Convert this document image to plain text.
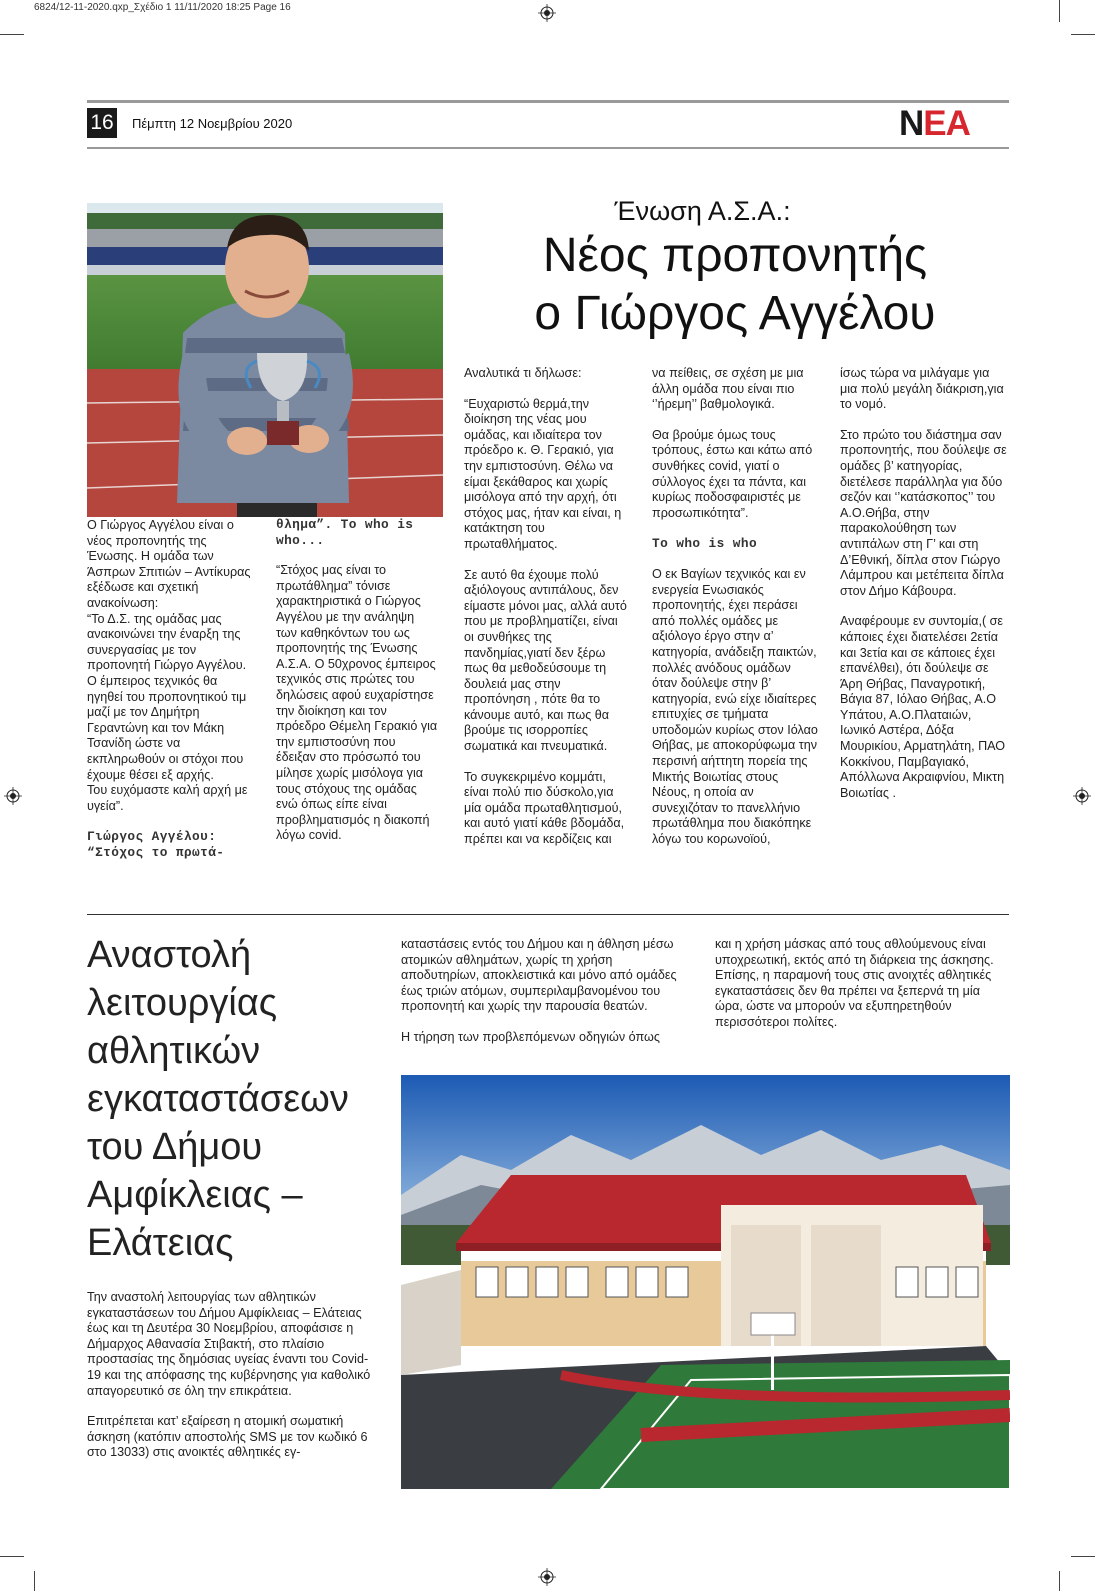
6824/12-11-2020.qxp_Σχέδιο 1 11/11/2020 18:25 Page 16
16 Πέμπτη 12 Νοεμβρίου 2020	NEA
Ένωση Α.Σ.Α.:
Νέος προπονητής
ο Γιώργος Αγγέλου

Ο Γιώργος Αγγέλου είναι ο νέος προπονητής της Ένωσης. Η ομάδα των Άσπρων Σπιτιών – Αντίκυρας εξέδωσε και σχετική ανακοίνωση:

“Το Δ.Σ. της ομάδας μας ανακοινώνει την έναρξη της συνεργασίας με τον προπονητή Γιώργο Αγγέλου. Ο έμπειρος τεχνικός θα ηγηθεί του προπονητικού τιμ μαζί με τον Δημήτρη Γεραντώνη και τον Μάκη Τσανίδη ώστε να εκπληρωθούν οι στόχοι που έχουμε θέσει εξ αρχής.

Του ευχόμαστε καλή αρχή με υγεία”.

Γιώργος Αγγέλου: “Στόχος το πρωτά-

θλημα”. To who is who...

“Στόχος μας είναι το πρωτάθλημα” τόνισε χαρακτηριστικά ο Γιώργος Αγγέλου με την ανάληψη των καθηκόντων του ως προπονητής της Ένωσης Α.Σ.Α. Ο 50χρονος έμπειρος τεχνικός στις πρώτες του δηλώσεις αφού ευχαρίστησε την διοίκηση και τον πρόεδρο Θέμελη Γερακιό για την εμπιστοσύνη που έδειξαν στο πρόσωπό του μίλησε χωρίς μισόλογα για τους στόχους της ομάδας ενώ όπως είπε είναι προβληματισμός η διακοπή λόγω covid.

Αναλυτικά τι δήλωσε:

“Ευχαριστώ θερμά,την διοίκηση της νέας μου ομάδας, και ιδιαίτερα τον πρόεδρο κ. Θ. Γερακιό, για την εμπιστοσύνη. Θέλω να είμαι ξεκάθαρος και χωρίς μισόλογα από την αρχή, ότι στόχος μας, ήταν και είναι, η κατάκτηση του πρωταθλήματος.

Σε αυτό θα έχουμε πολύ αξιόλογους αντιπάλους, δεν είμαστε μόνοι μας, αλλά αυτό που με προβληματίζει, είναι οι συνθήκες της πανδημίας,γιατί δεν ξέρω πως θα μεθοδεύσουμε τη δουλειά μας στην προπόνηση , πότε θα το κάνουμε αυτό, και πως θα βρούμε τις ισορροπίες σωματικά και πνευματικά.

Το συγκεκριμένο κομμάτι, είναι πολύ πιο δύσκολο,για μία ομάδα πρωταθλητισμού, και αυτό γιατί κάθε βδομάδα, πρέπει και να κερδίζεις και

να πείθεις, σε σχέση με μια άλλη ομάδα που είναι πιο ‘’ήρεμη’’ βαθμολογικά.

Θα βρούμε όμως τους τρόπους, έστω και κάτω από συνθήκες covid, γιατί ο σύλλογος έχει τα πάντα, και κυρίως ποδοσφαιριστές με προσωπικότητα”.

To who is who

Ο εκ Βαγίων τεχνικός και εν ενεργεία Ενωσιακός προπονητής, έχει περάσει από πολλές ομάδες με αξιόλογο έργο στην α’ κατηγορία, ανάδειξη παικτών, πολλές ανόδους ομάδων όταν δούλεψε στην β’ κατηγορία, ενώ είχε ιδιαίτερες επιτυχίες σε τμήματα υποδομών κυρίως στον Ιόλαο Θήβας, με αποκορύφωμα την περσινή αήττητη πορεία της Μικτής Βοιωτίας στους Νέους, η οποία αν συνεχιζόταν το πανελλήνιο πρωτάθλημα που διακόπηκε λόγω του κορωνοϊού,

ίσως τώρα να μιλάγαμε για μια πολύ μεγάλη διάκριση,για το νομό.

Στο πρώτο του διάστημα σαν προπονητής, που δούλεψε σε ομάδες β’ κατηγορίας, διετέλεσε παράλληλα για δύο σεζόν και ‘’κατάσκοπος’’ του Α.Ο.Θήβα, στην παρακολούθηση των αντιπάλων στη Γ’ και στη Δ’Εθνική, δίπλα στον Γιώργο Λάμπρου και μετέπειτα δίπλα στον Δήμο Κάβουρα.

Αναφέρουμε εν συντομία,( σε κάποιες έχει διατελέσει 2ετία και 3ετία και σε κάποιες έχει επανέλθει), ότι δούλεψε σε Άρη Θήβας, Παναγροτική, Βάγια 87, Ιόλαο Θήβας, Α.Ο Υπάτου, Α.Ο.Πλαταιών, Ιωνικό Αστέρα, Δόξα Μουρικίου, Αρματηλάτη, ΠΑΟ Κοκκίνου, Παμβαγιακό, Απόλλωνα Ακραιφνίου, Μικτη Βοιωτίας .

Αναστολή
λειτουργίας
αθλητικών
εγκαταστάσεων
του Δήμου
Αμφίκλειας –
Ελάτειας

Την αναστολή λειτουργίας των αθλητικών εγκαταστάσεων του Δήμου Αμφίκλειας – Ελάτειας έως και τη Δευτέρα 30 Νοεμβρίου, αποφάσισε η Δήμαρχος Αθανασία Στιβακτή, στο πλαίσιο προστασίας της δημόσιας υγείας έναντι του Covid-19 και της απόφασης της κυβέρνησης για καθολικό απαγορευτικό σε όλη την επικράτεια.

Επιτρέπεται κατ’ εξαίρεση η ατομική σωματική άσκηση (κατόπιν αποστολής SMS με τον κωδικό 6 στο 13033) στις ανοικτές αθλητικές εγ-

καταστάσεις εντός του Δήμου και η άθληση μέσω ατομικών αθλημάτων, χωρίς τη χρήση αποδυτηρίων, αποκλειστικά και μόνο από ομάδες έως τριών ατόμων, συμπεριλαμβανομένου του προπονητή και χωρίς την παρουσία θεατών.

Η τήρηση των προβλεπόμενων οδηγιών όπως

και η χρήση μάσκας από τους αθλούμενους είναι υποχρεωτική, εκτός από τη διάρκεια της άσκησης. Επίσης, η παραμονή τους στις ανοιχτές αθλητικές εγκαταστάσεις δεν θα πρέπει να ξεπερνά τη μία ώρα, ώστε να μπορούν να εξυπηρετηθούν περισσότεροι πολίτες.
